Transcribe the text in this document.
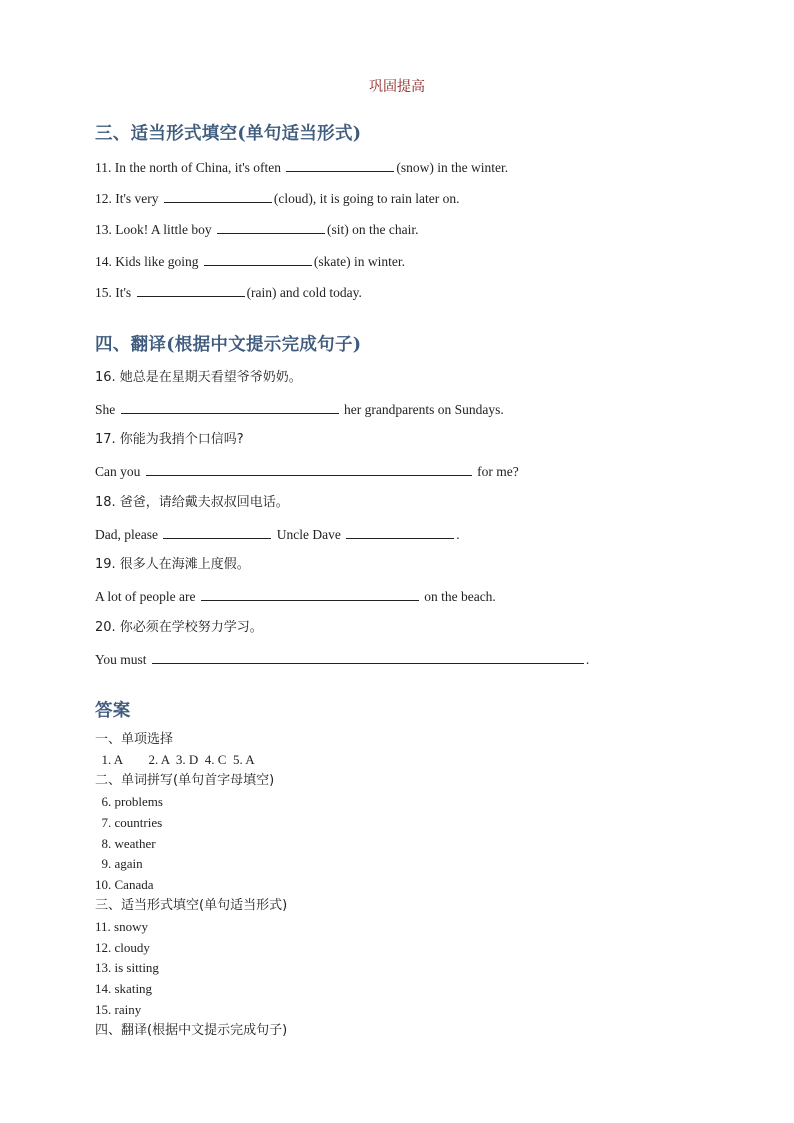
巩固提高
三、适当形式填空(单句适当形式)

11. In the north of China, it's often	(snow) in the winter.

12. It's very	(cloud), it is going to rain later on.

13. Look! A little boy	(sit) on the chair.

14. Kids like going	(skate) in winter.

15. It's	(rain) and cold today.

四、翻译(根据中文提示完成句子)

16. 她总是在星期天看望爷爷奶奶。

She	her grandparents on Sundays.

17. 你能为我捎个口信吗?

Can you	for me?

18. 爸爸，请给戴夫叔叔回电话。

Dad, please	Uncle Dave	.

19. 很多人在海滩上度假。

A lot of people are	on the beach.

20. 你必须在学校努力学习。

You must	.

答案

一、单项选择

1. A        2. A  3. D  4. C  5. A

二、单词拼写(单句首字母填空)

6. problems

7. countries

8. weather

9. again

10. Canada

三、适当形式填空(单句适当形式)

11. snowy

12. cloudy

13. is sitting

14. skating

15. rainy

四、翻译(根据中文提示完成句子)
